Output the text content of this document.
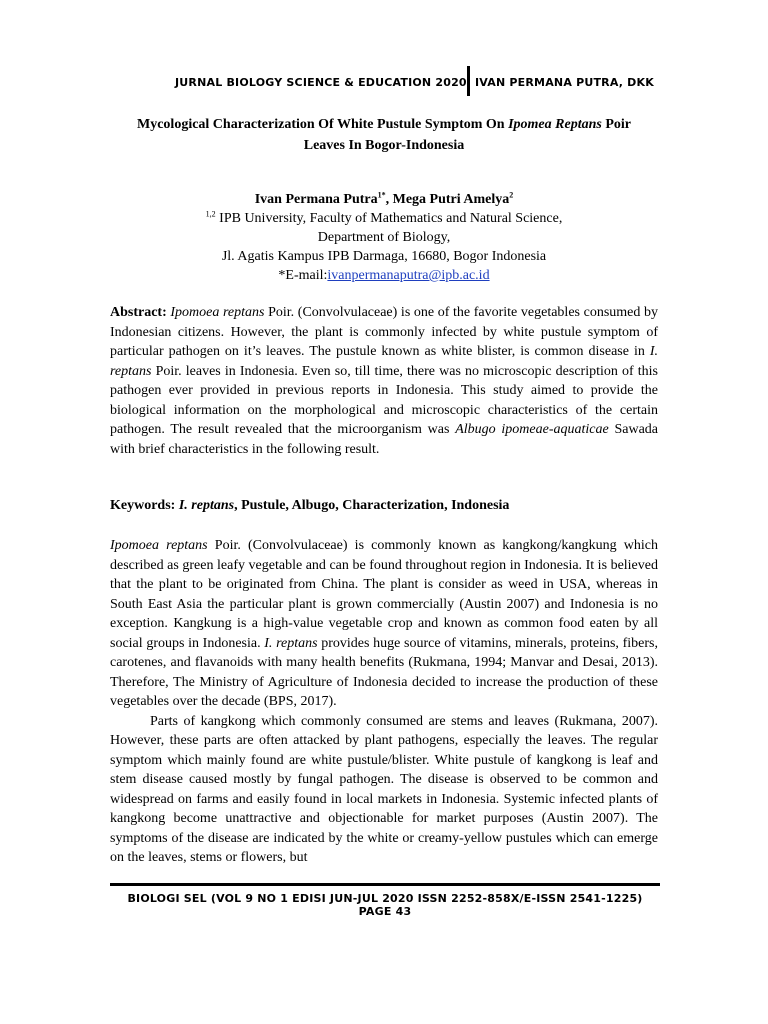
JURNAL BIOLOGY SCIENCE & EDUCATION 2020 IVAN PERMANA PUTRA, DKK
Mycological Characterization Of White Pustule Symptom On Ipomea Reptans Poir
Leaves In Bogor-Indonesia
Ivan Permana Putra$^{1*}$, Mega Putri Amelya$^2$
$^{1,2}$ IPB University, Faculty of Mathematics and Natural Science,
Department of Biology,
Jl. Agatis Kampus IPB Darmaga, 16680, Bogor Indonesia
*E-mail:ivanpermanaputra@ipb.ac.id

Abstract: Ipomoea reptans Poir. (Convolvulaceae) is one of the favorite vegetables consumed by Indonesian citizens. However, the plant is commonly infected by white pustule symptom of particular pathogen on it’s leaves. The pustule known as white blister, is common disease in I. reptans Poir. leaves in Indonesia. Even so, till time, there was no microscopic description of this pathogen ever provided in previous reports in Indonesia. This study aimed to provide the biological information on the morphological and microscopic characteristics of the certain pathogen. The result revealed that the microorganism was Albugo ipomeae-aquaticae Sawada with brief characteristics in the following result.

Keywords: I. reptans, Pustule, Albugo, Characterization, Indonesia

Ipomoea reptans Poir. (Convolvulaceae) is commonly known as kangkong/kangkung which described as green leafy vegetable and can be found throughout region in Indonesia. It is believed that the plant to be originated from China. The plant is consider as weed in USA, whereas in South East Asia the particular plant is grown commercially (Austin 2007) and Indonesia is no exception. Kangkung is a high-value vegetable crop and known as common food eaten by all social groups in Indonesia. I. reptans provides huge source of vitamins, minerals, proteins, fibers, carotenes, and flavanoids with many health benefits (Rukmana, 1994; Manvar and Desai, 2013). Therefore, The Ministry of Agriculture of Indonesia decided to increase the production of these vegetables over the decade (BPS, 2017).

Parts of kangkong which commonly consumed are stems and leaves (Rukmana, 2007). However, these parts are often attacked by plant pathogens, especially the leaves. The regular symptom which mainly found are white pustule/blister. White pustule of kangkong is leaf and stem disease caused mostly by fungal pathogen. The disease is observed to be common and widespread on farms and easily found in local markets in Indonesia. Systemic infected plants of kangkong become unattractive and objectionable for market purposes (Austin 2007). The symptoms of the disease are indicated by the white or creamy-yellow pustules which can emerge on the leaves, stems or flowers, but

BIOLOGI SEL (VOL 9 NO 1 EDISI JUN-JUL 2020 ISSN 2252-858X/E-ISSN 2541-1225) PAGE 43
